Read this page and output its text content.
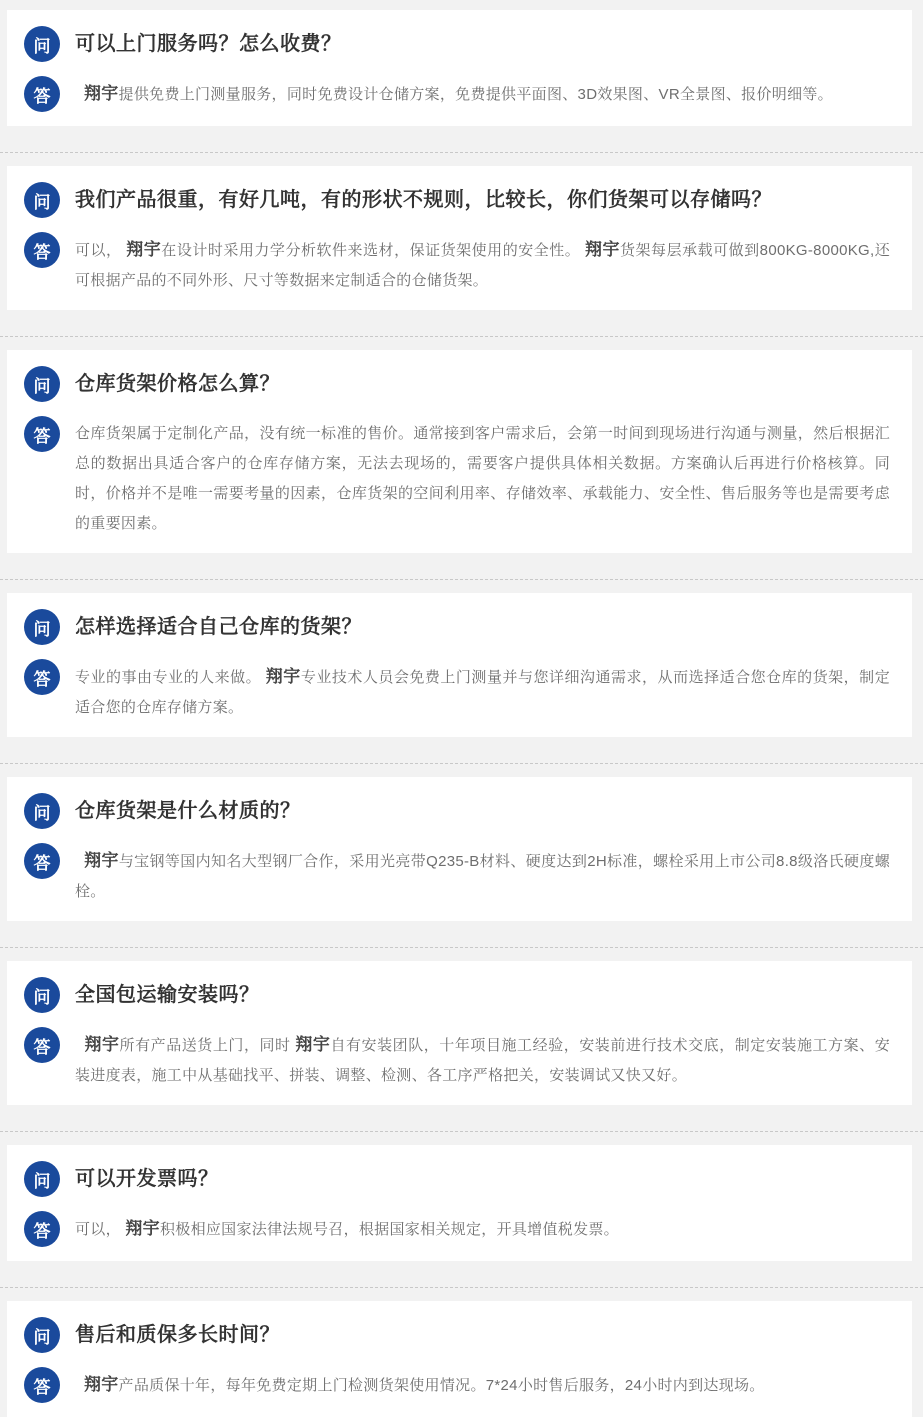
问	可以上门服务吗？怎么收费？
答	翔宇提供免费上门测量服务，同时免费设计仓储方案，免费提供平面图、3D效果图、VR全景图、报价明细等。

问	我们产品很重，有好几吨，有的形状不规则，比较长，你们货架可以存储吗？
答	可以， 翔宇在设计时采用力学分析软件来选材，保证货架使用的安全性。 翔宇货架每层承载可做到800KG-8000KG,还可根据产品的不同外形、尺寸等数据来定制适合的仓储货架。

问	仓库货架价格怎么算？
答	仓库货架属于定制化产品，没有统一标准的售价。通常接到客户需求后，会第一时间到现场进行沟通与测量，然后根据汇总的数据出具适合客户的仓库存储方案，无法去现场的，需要客户提供具体相关数据。方案确认后再进行价格核算。同时，价格并不是唯一需要考量的因素，仓库货架的空间利用率、存储效率、承载能力、安全性、售后服务等也是需要考虑的重要因素。

问	怎样选择适合自己仓库的货架？
答	专业的事由专业的人来做。 翔宇专业技术人员会免费上门测量并与您详细沟通需求，从而选择适合您仓库的货架，制定适合您的仓库存储方案。

问	仓库货架是什么材质的？
答	翔宇与宝钢等国内知名大型钢厂合作，采用光亮带Q235-B材料、硬度达到2H标准，螺栓采用上市公司8.8级洛氏硬度螺栓。

问	全国包运输安装吗？
答	翔宇所有产品送货上门，同时 翔宇自有安装团队，十年项目施工经验，安装前进行技术交底，制定安装施工方案、安装进度表，施工中从基础找平、拼装、调整、检测、各工序严格把关，安装调试又快又好。

问	可以开发票吗？
答	可以， 翔宇积极相应国家法律法规号召，根据国家相关规定，开具增值税发票。

问	售后和质保多长时间？
答	翔宇产品质保十年，每年免费定期上门检测货架使用情况。7*24小时售后服务，24小时内到达现场。
